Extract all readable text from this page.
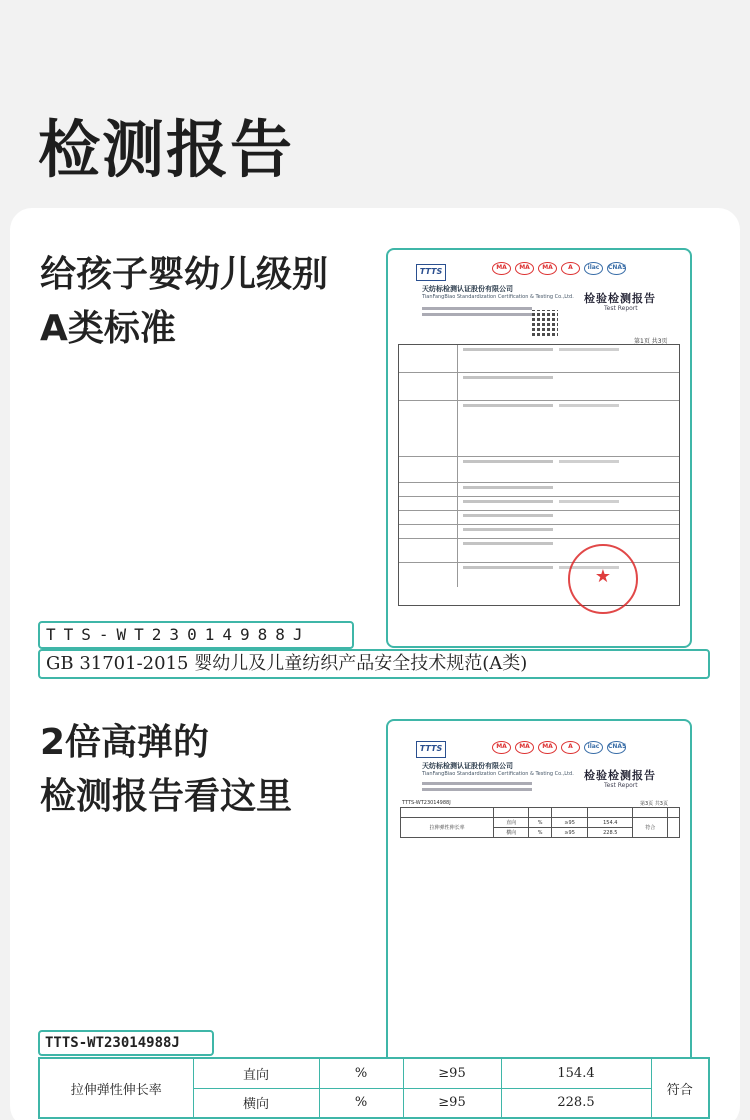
检测报告
给孩子婴幼儿级别
A类标准
TTTS	MA	MA	MA	A	ilac	CNAS
天纺标检测认证股份有限公司
TianFangBiao Standardization Certification & Testing Co.,Ltd. 检验检测报告
Test Report
第1页 共3页
★
TTS-WT23014988J
GB 31701-2015 婴幼儿及儿童纺织产品安全技术规范(A类)
2倍高弹的
检测报告看这里
TTTS	MA	MA	MA	A	ilac	CNAS
天纺标检测认证股份有限公司
TianFangBiao Standardization Certification & Testing Co.,Ltd. 检验检测报告
Test Report
TTTS-WT23014988J	第3页 共3页

拉伸弹性伸长率	直向	%	≥95	154.4	符合	
	横向	%	≥95	228.5		
TTTS-WT23014988J
拉伸弹性伸长率	直向	%	≥95	154.4	符合
	横向	%	≥95	228.5	
